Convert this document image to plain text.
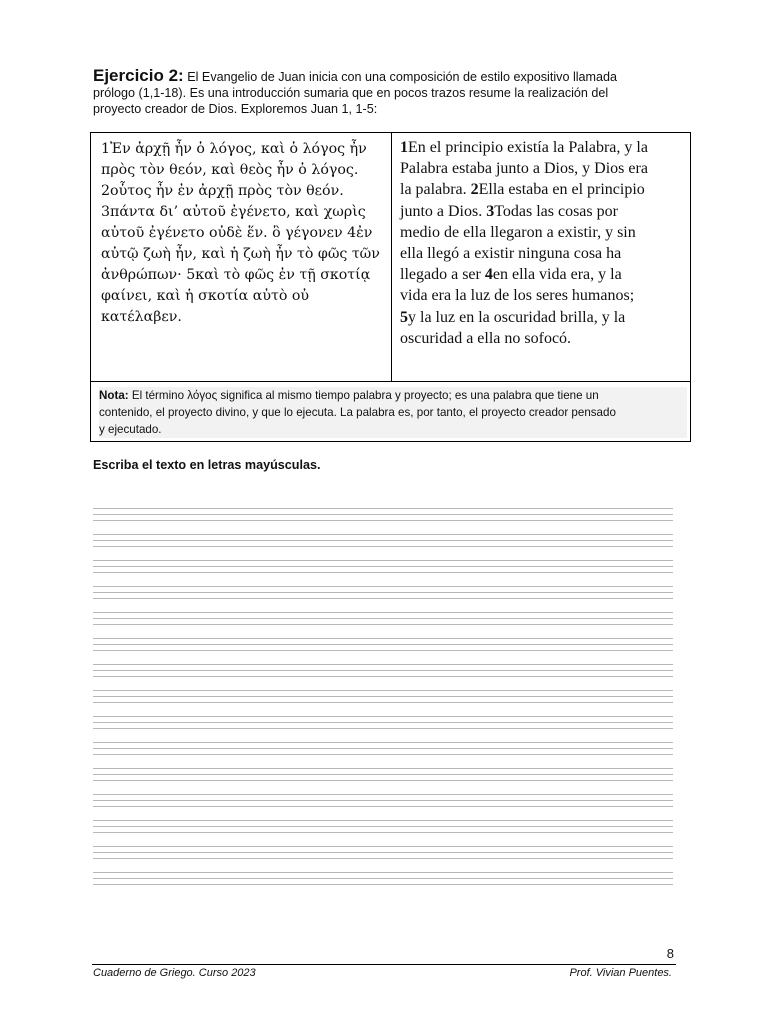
Ejercicio 2: El Evangelio de Juan inicia con una composición de estilo expositivo llamada
prólogo (1,1-18). Es una introducción sumaria que en pocos trazos resume la realización del
proyecto creador de Dios. Exploremos Juan 1, 1-5:
1Ἐν ἀρχῇ ἦν ὁ λόγος, καὶ ὁ λόγος ἦν
πρὸς τὸν θεόν, καὶ θεὸς ἦν ὁ λόγος.
2οὗτος ἦν ἐν ἀρχῇ πρὸς τὸν θεόν.
3πάντα δι’ αὐτοῦ ἐγένετο, καὶ χωρὶς
αὐτοῦ ἐγένετο οὐδὲ ἕν. ὃ γέγονεν 4ἐν
αὐτῷ ζωὴ ἦν, καὶ ἡ ζωὴ ἦν τὸ φῶς τῶν
ἀνθρώπων· 5καὶ τὸ φῶς ἐν τῇ σκοτίᾳ
φαίνει, καὶ ἡ σκοτία αὐτὸ οὐ
κατέλαβεν.
1En el principio existía la Palabra, y la
Palabra estaba junto a Dios, y Dios era
la palabra. 2Ella estaba en el principio
junto a Dios. 3Todas las cosas por
medio de ella llegaron a existir, y sin
ella llegó a existir ninguna cosa ha
llegado a ser 4en ella vida era, y la
vida era la luz de los seres humanos;
5y la luz en la oscuridad brilla, y la
oscuridad a ella no sofocó.
Nota: El término λόγος significa al mismo tiempo palabra y proyecto; es una palabra que tiene un
contenido, el proyecto divino, y que lo ejecuta. La palabra es, por tanto, el proyecto creador pensado
y ejecutado.
Escriba el texto en letras mayúsculas.
8
Cuaderno de Griego. Curso 2023	Prof. Vivian Puentes.
